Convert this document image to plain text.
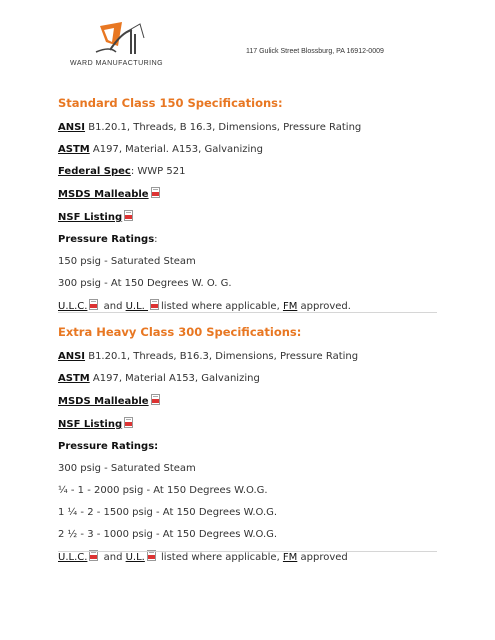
WARD MANUFACTURING
117 Gulick Street Blossburg, PA 16912-0009
Standard Class 150 Specifications:
ANSI B1.20.1, Threads, B 16.3, Dimensions, Pressure Rating
ASTM A197, Material. A153, Galvanizing
Federal Spec: WWP 521
MSDS Malleable
NSF Listing
Pressure Ratings:
150 psig - Saturated Steam
300 psig - At 150 Degrees W. O. G.
U.L.C. and U.L. listed where applicable, FM approved.
Extra Heavy Class 300 Specifications:
ANSI B1.20.1, Threads, B16.3, Dimensions, Pressure Rating
ASTM A197, Material A153, Galvanizing
MSDS Malleable
NSF Listing
Pressure Ratings:
300 psig - Saturated Steam
¼ - 1 - 2000 psig - At 150 Degrees W.O.G.
1 ¼ - 2 - 1500 psig - At 150 Degrees W.O.G.
2 ½ - 3 - 1000 psig - At 150 Degrees W.O.G.
U.L.C. and U.L. listed where applicable, FM approved
